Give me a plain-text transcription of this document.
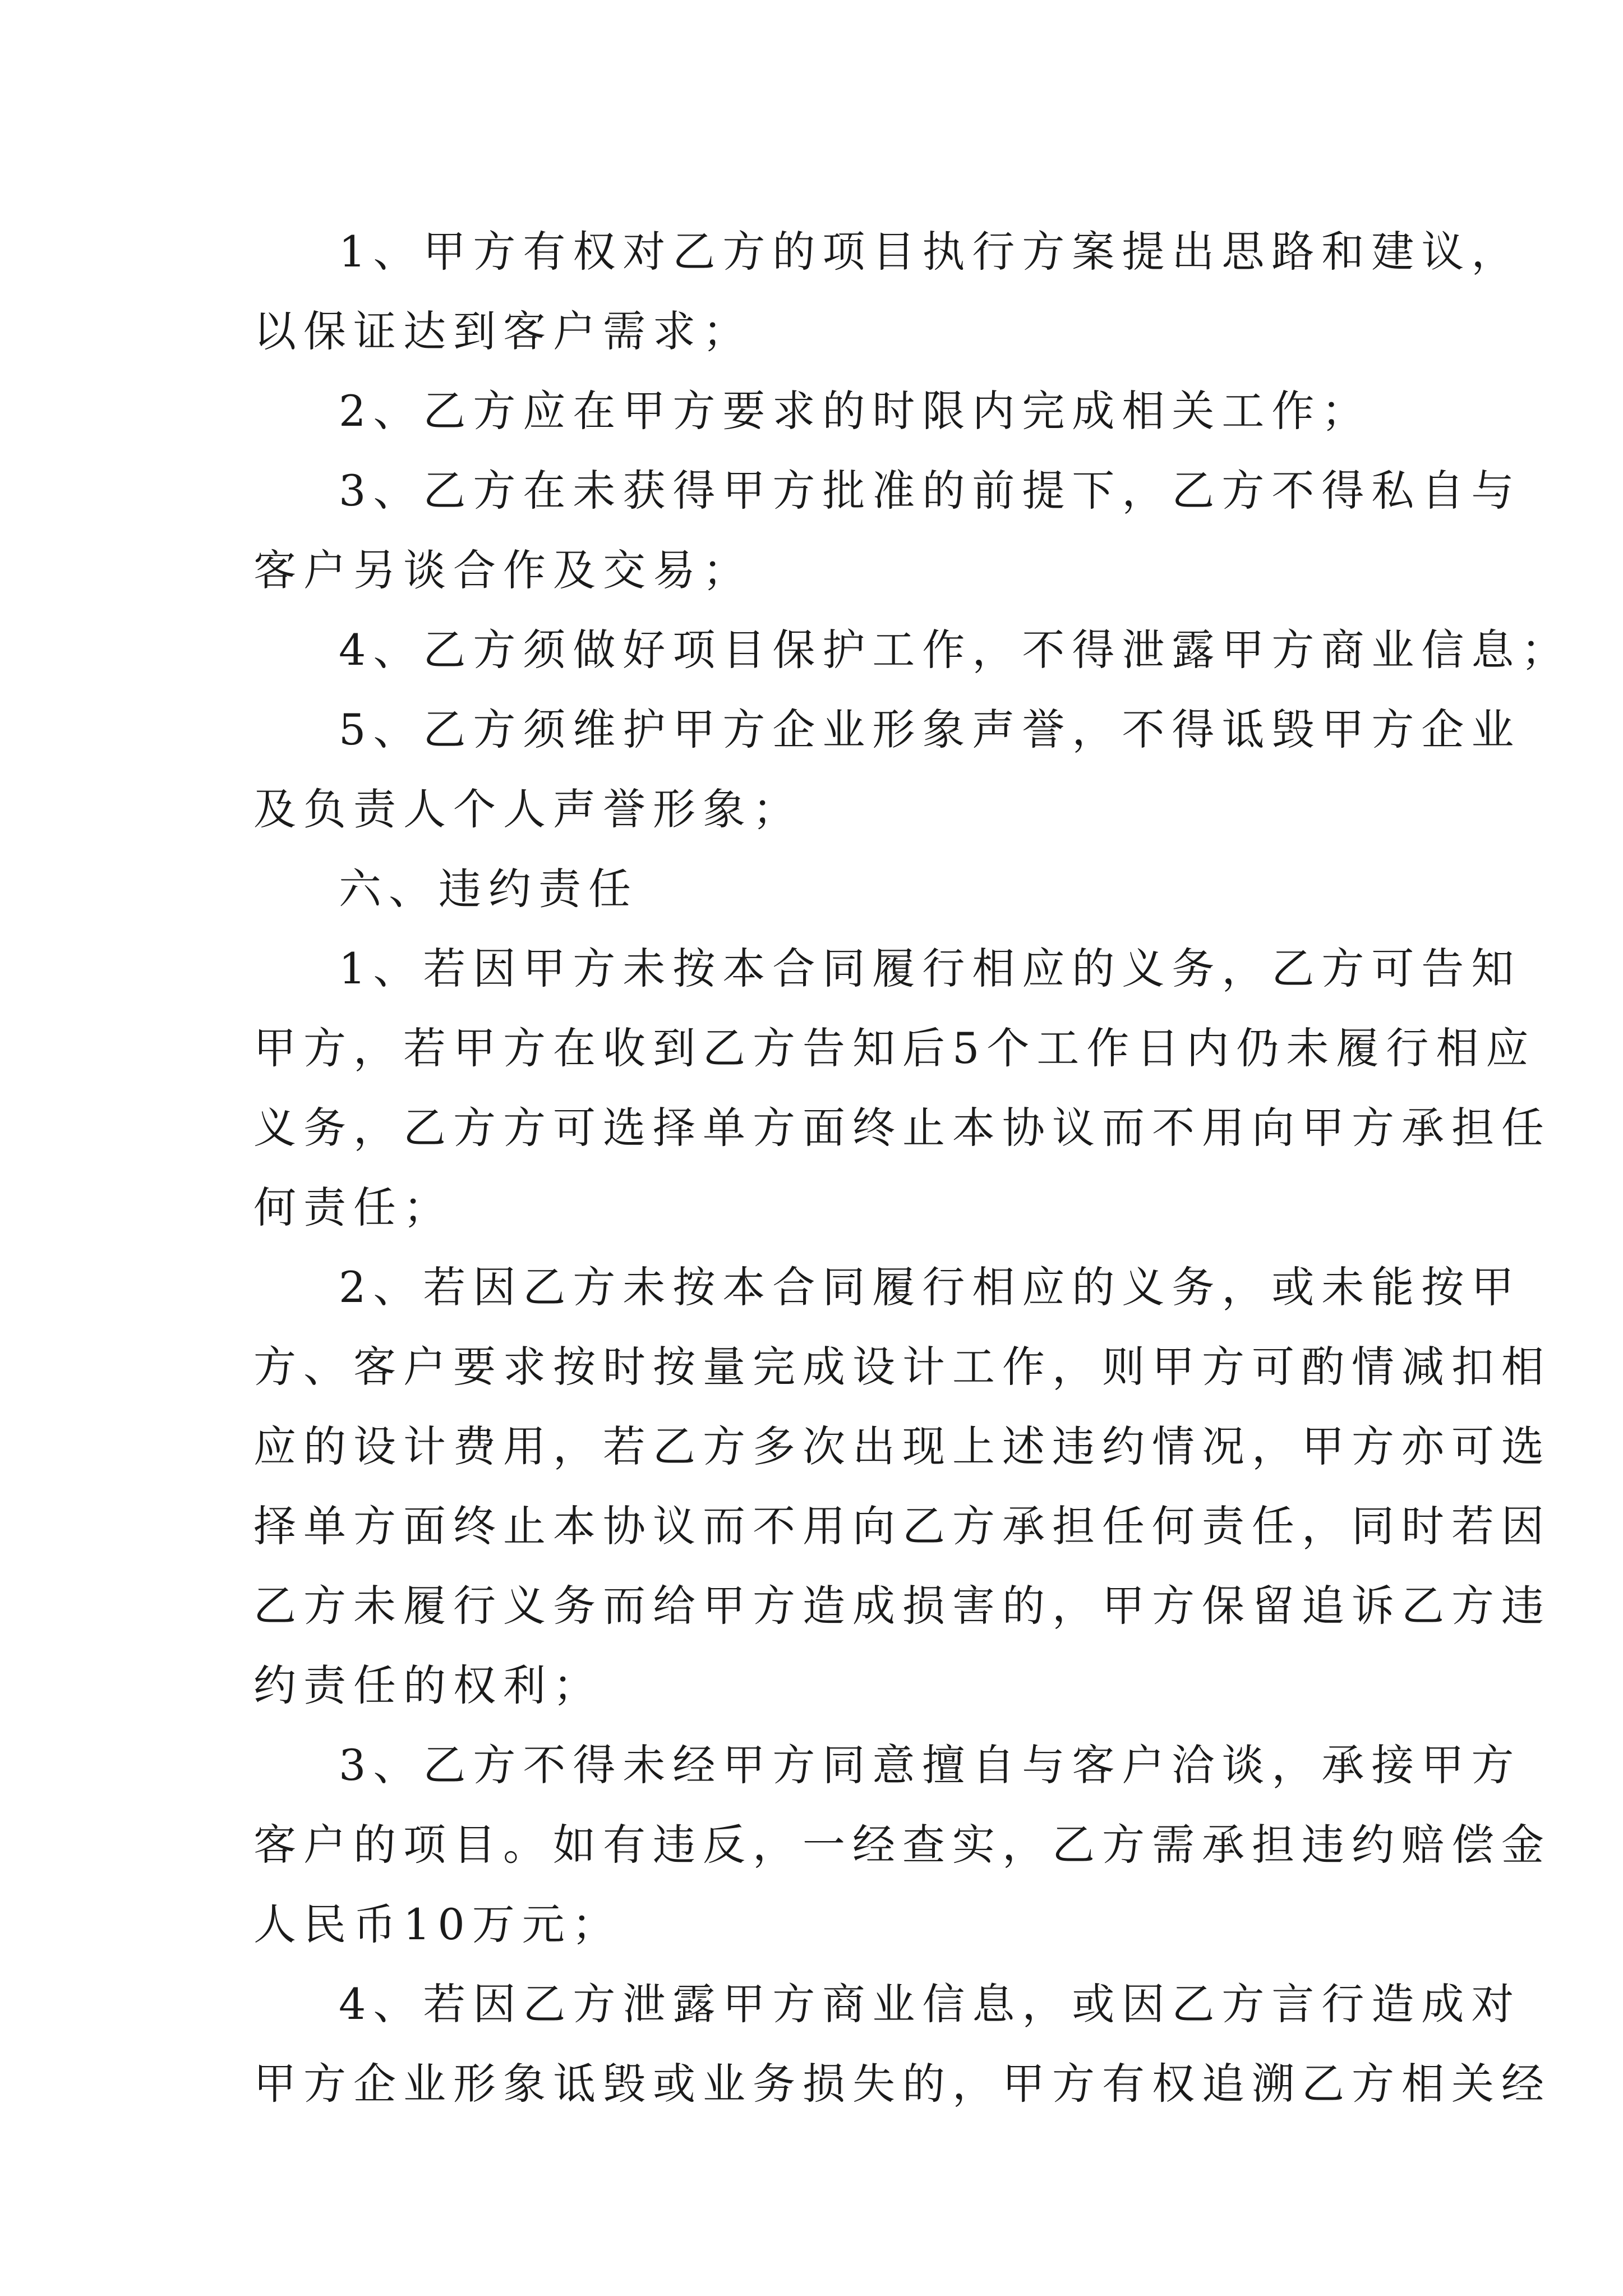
1、甲方有权对乙方的项目执行方案提出思路和建议，
以保证达到客户需求；
2、乙方应在甲方要求的时限内完成相关工作；
3、乙方在未获得甲方批准的前提下，乙方不得私自与
客户另谈合作及交易；
4、乙方须做好项目保护工作，不得泄露甲方商业信息；
5、乙方须维护甲方企业形象声誉，不得诋毁甲方企业
及负责人个人声誉形象；
六、违约责任
1、若因甲方未按本合同履行相应的义务，乙方可告知
甲方，若甲方在收到乙方告知后5个工作日内仍未履行相应
义务，乙方方可选择单方面终止本协议而不用向甲方承担任
何责任；
2、若因乙方未按本合同履行相应的义务，或未能按甲
方、客户要求按时按量完成设计工作，则甲方可酌情减扣相
应的设计费用，若乙方多次出现上述违约情况，甲方亦可选
择单方面终止本协议而不用向乙方承担任何责任，同时若因
乙方未履行义务而给甲方造成损害的，甲方保留追诉乙方违
约责任的权利；
3、乙方不得未经甲方同意擅自与客户洽谈，承接甲方
客户的项目。如有违反，一经查实，乙方需承担违约赔偿金
人民币10万元；
4、若因乙方泄露甲方商业信息，或因乙方言行造成对
甲方企业形象诋毁或业务损失的，甲方有权追溯乙方相关经
